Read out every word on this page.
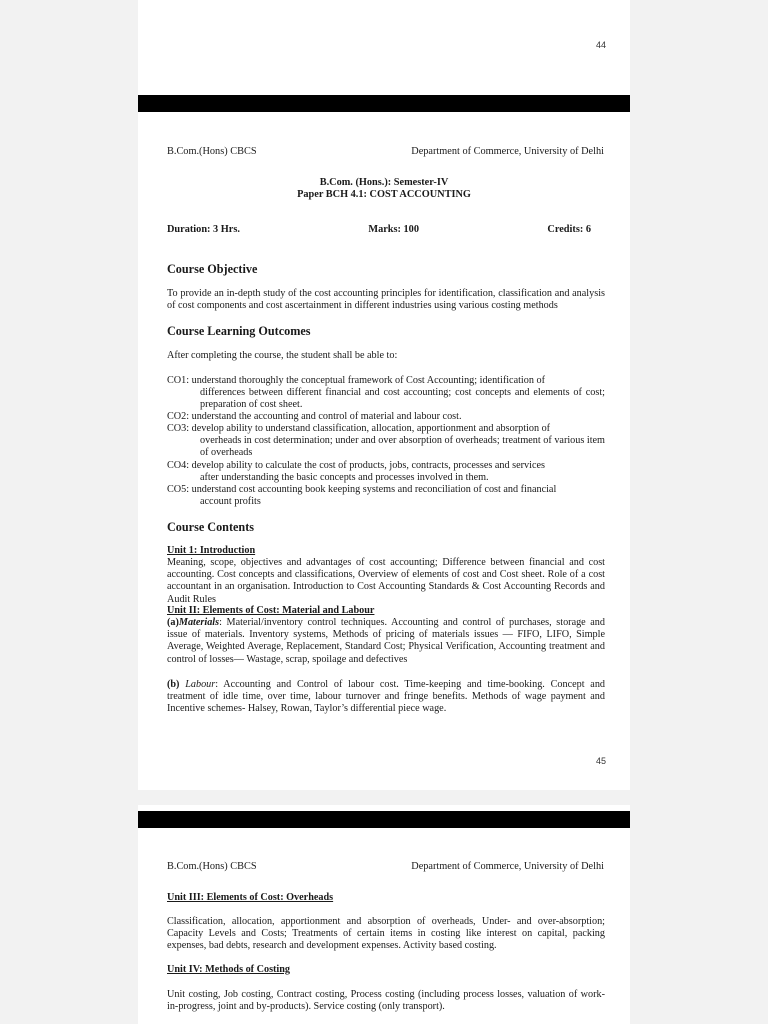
44
B.Com.(Hons) CBCS	Department of Commerce, University of Delhi
B.Com. (Hons.): Semester-IV
Paper BCH 4.1: COST ACCOUNTING
Duration: 3 Hrs.	Marks: 100	Credits: 6
Course Objective

To provide an in-depth study of the cost accounting principles for identification, classification and analysis of cost components and cost ascertainment in different industries using various costing methods

Course Learning Outcomes

After completing the course, the student shall be able to:

CO1: understand thoroughly the conceptual framework of Cost Accounting; identification of
differences between different financial and cost accounting; cost concepts and elements of cost; preparation of cost sheet.
CO2: understand the accounting and control of material and labour cost.
CO3: develop ability to understand classification, allocation, apportionment and absorption of
overheads in cost determination; under and over absorption of overheads; treatment of various item of overheads
CO4: develop ability to calculate the cost of products, jobs, contracts, processes and services
after understanding the basic concepts and processes involved in them.
CO5: understand cost accounting book keeping systems and reconciliation of cost and financial
account profits
Course Contents
Unit 1: Introduction

Meaning, scope, objectives and advantages of cost accounting; Difference between financial and cost accounting. Cost concepts and classifications, Overview of elements of cost and Cost sheet. Role of a cost accountant in an organisation. Introduction to Cost Accounting Standards & Cost Accounting Records and Audit Rules

Unit II: Elements of Cost: Material and Labour

(a)Materials: Material/inventory control techniques. Accounting and control of purchases, storage and issue of materials. Inventory systems, Methods of pricing of materials issues — FIFO, LIFO, Simple Average, Weighted Average, Replacement, Standard Cost; Physical Verification, Accounting treatment and control of losses— Wastage, scrap, spoilage and defectives

(b) Labour: Accounting and Control of labour cost. Time-keeping and time-booking. Concept and treatment of idle time, over time, labour turnover and fringe benefits. Methods of wage payment and Incentive schemes- Halsey, Rowan, Taylor’s differential piece wage.

45
B.Com.(Hons) CBCS	Department of Commerce, University of Delhi
Unit III: Elements of Cost: Overheads

Classification, allocation, apportionment and absorption of overheads, Under- and over-absorption; Capacity Levels and Costs; Treatments of certain items in costing like interest on capital, packing expenses, bad debts, research and development expenses. Activity based costing.

Unit IV: Methods of Costing

Unit costing, Job costing, Contract costing, Process costing (including process losses, valuation of work-in-progress, joint and by-products). Service costing (only transport).
